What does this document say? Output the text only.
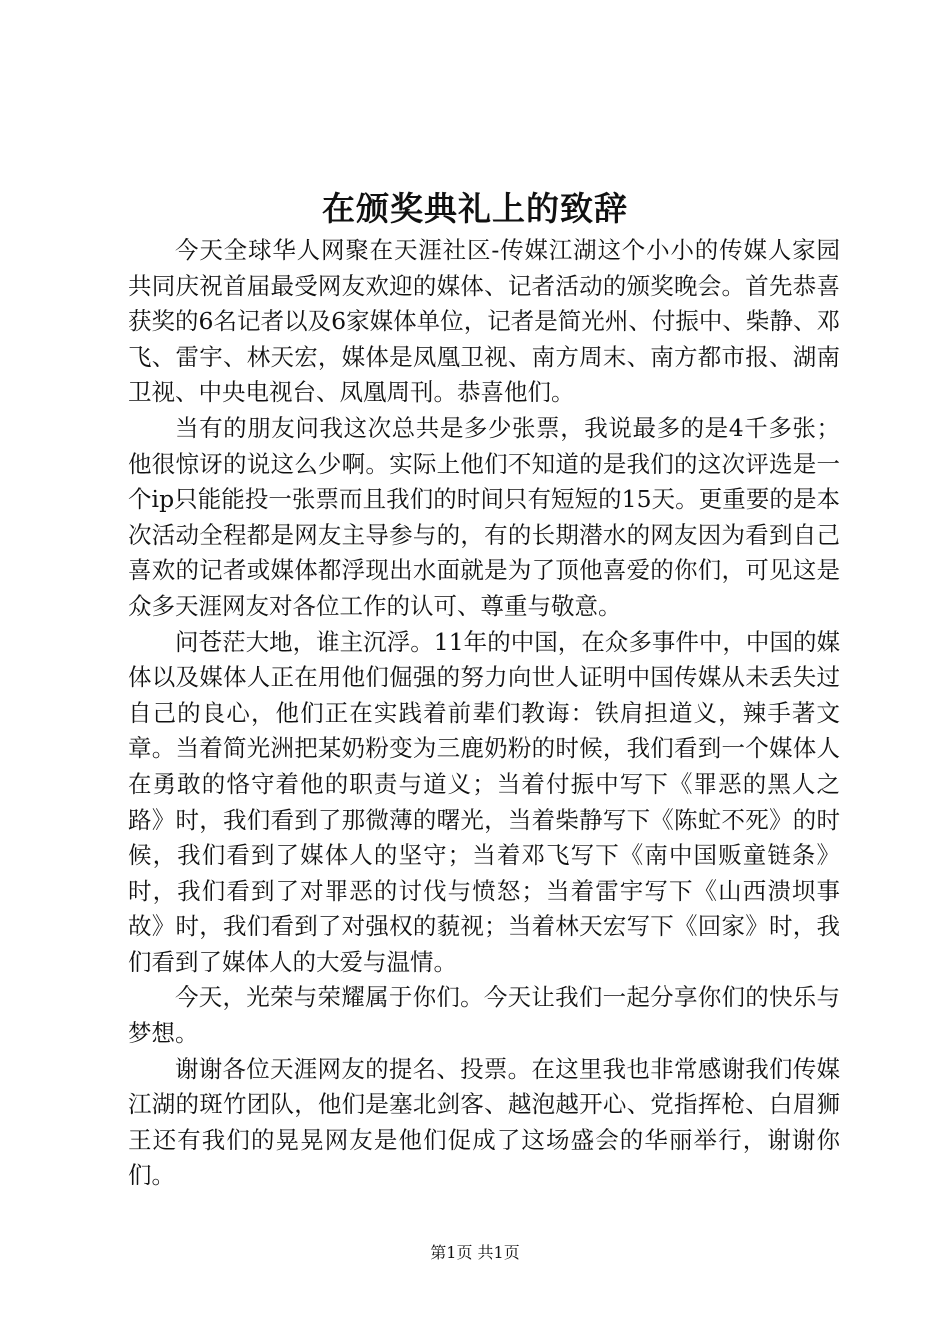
在颁奖典礼上的致辞

今天全球华人网聚在天涯社区-传媒江湖这个小小的传媒人家园共同庆祝首届最受网友欢迎的媒体、记者活动的颁奖晚会。首先恭喜获奖的6名记者以及6家媒体单位，记者是简光州、付振中、柴静、邓飞、雷宇、林天宏，媒体是凤凰卫视、南方周末、南方都市报、湖南卫视、中央电视台、凤凰周刊。恭喜他们。

当有的朋友问我这次总共是多少张票，我说最多的是4千多张；他很惊讶的说这么少啊。实际上他们不知道的是我们的这次评选是一个ip只能能投一张票而且我们的时间只有短短的15天。更重要的是本次活动全程都是网友主导参与的，有的长期潜水的网友因为看到自己喜欢的记者或媒体都浮现出水面就是为了顶他喜爱的你们，可见这是众多天涯网友对各位工作的认可、尊重与敬意。

问苍茫大地，谁主沉浮。11年的中国，在众多事件中，中国的媒体以及媒体人正在用他们倔强的努力向世人证明中国传媒从未丢失过自己的良心，他们正在实践着前辈们教诲：铁肩担道义，辣手著文章。当着简光洲把某奶粉变为三鹿奶粉的时候，我们看到一个媒体人在勇敢的恪守着他的职责与道义；当着付振中写下《罪恶的黑人之路》时，我们看到了那微薄的曙光，当着柴静写下《陈虻不死》的时候，我们看到了媒体人的坚守；当着邓飞写下《南中国贩童链条》时，我们看到了对罪恶的讨伐与愤怒；当着雷宇写下《山西溃坝事故》时，我们看到了对强权的藐视；当着林天宏写下《回家》时，我们看到了媒体人的大爱与温情。

今天，光荣与荣耀属于你们。今天让我们一起分享你们的快乐与梦想。

谢谢各位天涯网友的提名、投票。在这里我也非常感谢我们传媒江湖的斑竹团队，他们是塞北剑客、越泡越开心、党指挥枪、白眉狮王还有我们的晃晃网友是他们促成了这场盛会的华丽举行，谢谢你们。

第1页 共1页
